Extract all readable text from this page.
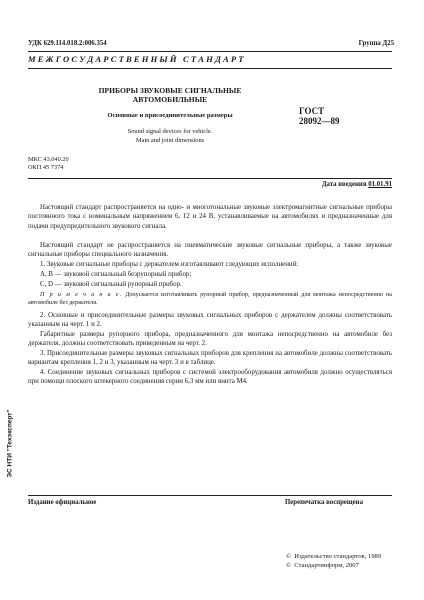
УДК 629.114.018.2:006.354	Группа Д25
М Е Ж Г О С У Д А Р С Т В Е Н Н Ы Й   С Т А Н Д А Р Т
ПРИБОРЫ ЗВУКОВЫЕ СИГНАЛЬНЫЕ
АВТОМОБИЛЬНЫЕ
Основные и присоединительные размеры
Sound signal devices for vehicle.
Main and joint dimensions
ГОСТ
28092—89
МКС 43.040.20
ОКП 45 7374
Дата введения 01.01.91
Настоящий стандарт распространяется на одно- и многотональные звуковые электромагнитные сигнальные приборы постоянного тока с номинальным напряжением 6, 12 и 24 В, устанавливаемые на автомобилях и предназначенные для подачи предупредительного звукового сигнала.
Настоящий стандарт не распространяется на пневматические звуковые сигнальные приборы, а также звуковые сигнальные приборы специального назначения.
1. Звуковые сигнальные приборы с держателем изготавливают следующих исполнений:
А, В — звуковой сигнальный безрупорный прибор;
С, D — звуковой сигнальный рупорный прибор.
П р и м е ч а н и е. Допускается изготавливать рупорный прибор, предназначенный для монтажа непосредственно на автомобиле без держателя.
2. Основные и присоединительные размеры звуковых сигнальных приборов с держателем должны соответствовать указанным на черт. 1 и 2.
Габаритные размеры рупорного прибора, предназначенного для монтажа непосредственно на автомобиле без держателя, должны соответствовать приведенным на черт. 2.
3. Присоединительные размеры звуковых сигнальных приборов для крепления на автомобиле должны соответствовать вариантам крепления 1, 2 и 3, указанным на черт. 3 и в таблице.
4. Соединение звуковых сигнальных приборов с системой электрооборудования автомобиля должно осуществляться при помощи плоского штекерного соединения серии 6,3 мм или винта М4.
ЭС НТИ "Техэксперт"
Издание официальное	Перепечатка воспрещена
©  Издательство стандартов, 1989
©  Стандартинформ, 2007
